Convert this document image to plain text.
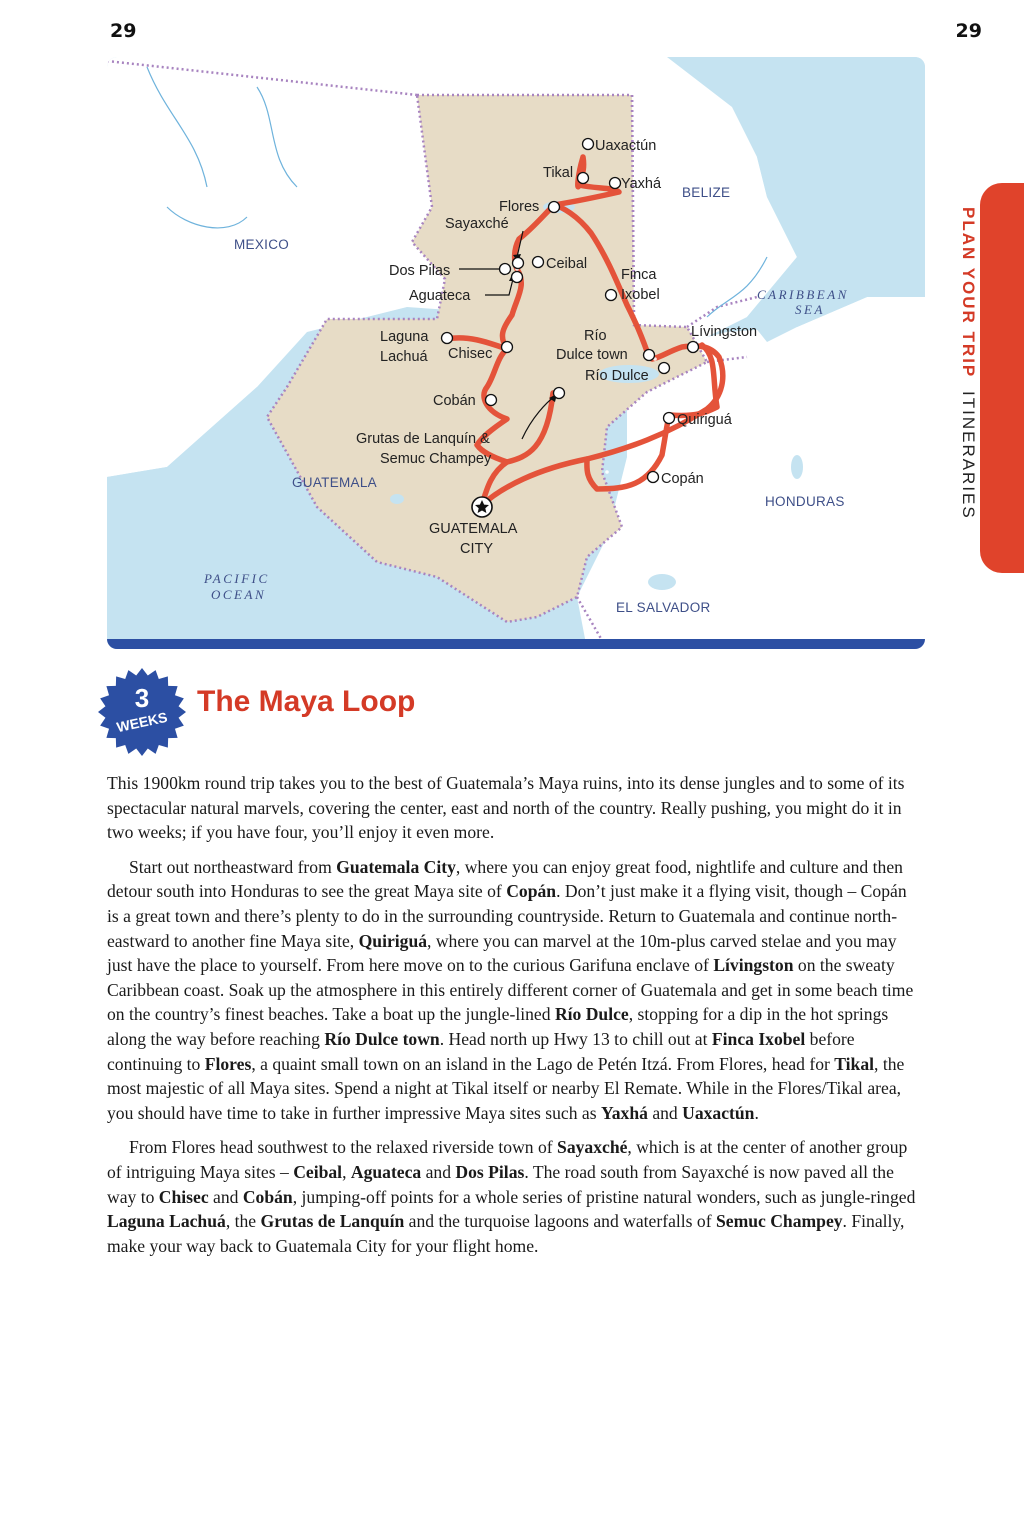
29	29
MEXICO
BELIZE
GUATEMALA
HONDURAS
EL SALVADOR
CARIBBEAN
SEA
PACIFIC
OCEAN
Uaxactún
Tikal
Yaxhá
Flores
Sayaxché
Ceibal
Dos Pilas
Aguateca
Finca
Ixobel
Laguna
Lachuá Chisec
Río
Dulce town
Río Dulce
Lívingston
Cobán
Grutas de Lanquín &
Semuc Champey
Quiriguá
Copán
GUATEMALA
CITY
PLAN YOUR TRIP ITINERARIES
3
WEEKS
The Maya Loop

This 1900km round trip takes you to the best of Guatemala’s Maya ruins, into its dense jungles and to some of its spectacular natural marvels, covering the center, east and north of the country. Really pushing, you might do it in two weeks; if you have four, you’ll enjoy it even more.

Start out northeastward from Guatemala City, where you can enjoy great food, nightlife and culture and then detour south into Honduras to see the great Maya site of Copán. Don’t just make it a flying visit, though – Copán is a great town and there’s plenty to do in the surrounding countryside. Return to Guatemala and continue north-eastward to another fine Maya site, Quiriguá, where you can marvel at the 10m-plus carved stelae and you may just have the place to yourself. From here move on to the curious Garifuna enclave of Lívingston on the sweaty Caribbean coast. Soak up the atmosphere in this entirely different corner of Guatemala and get in some beach time on the country’s finest beaches. Take a boat up the jungle-lined Río Dulce, stopping for a dip in the hot springs along the way before reaching Río Dulce town. Head north up Hwy 13 to chill out at Finca Ixobel before continuing to Flores, a quaint small town on an island in the Lago de Petén Itzá. From Flores, head for Tikal, the most majestic of all Maya sites. Spend a night at Tikal itself or nearby El Remate. While in the Flores/Tikal area, you should have time to take in further impressive Maya sites such as Yaxhá and Uaxactún.

From Flores head southwest to the relaxed riverside town of Sayaxché, which is at the center of another group of intriguing Maya sites – Ceibal, Aguateca and Dos Pilas. The road south from Sayaxché is now paved all the way to Chisec and Cobán, jumping-off points for a whole series of pristine natural wonders, such as jungle-ringed Laguna Lachuá, the Grutas de Lanquín and the turquoise lagoons and waterfalls of Semuc Champey. Finally, make your way back to Guatemala City for your flight home.
